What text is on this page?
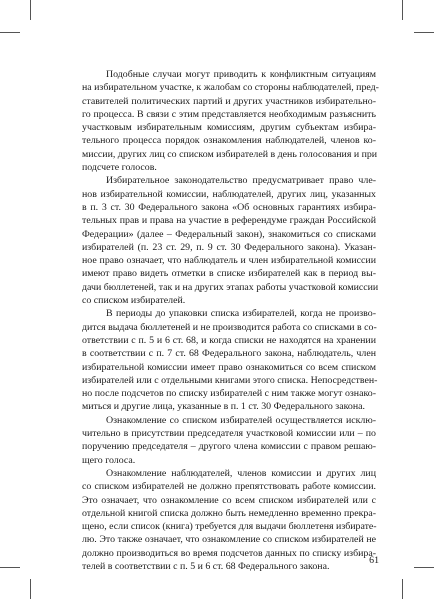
Подобные случаи могут приводить к конфликтным ситуациям
на избирательном участке, к жалобам со стороны наблюдателей, пред-
ставителей политических партий и других участников избирательно-
го процесса. В связи с этим представляется необходимым разъяснить
участковым избирательным комиссиям, другим субъектам избира-
тельного процесса порядок ознакомления наблюдателей, членов ко-
миссии, других лиц со списком избирателей в день голосования и при
подсчете голосов.
Избирательное законодательство предусматривает право чле-
нов избирательной комиссии, наблюдателей, других лиц, указанных
в п. 3 ст. 30 Федерального закона «Об основных гарантиях избира-
тельных прав и права на участие в референдуме граждан Российской
Федерации» (далее – Федеральный закон), знакомиться со списками
избирателей (п. 23 ст. 29, п. 9 ст. 30 Федерального закона). Указан-
ное право означает, что наблюдатель и член избирательной комиссии
имеют право видеть отметки в списке избирателей как в период вы-
дачи бюллетеней, так и на других этапах работы участковой комиссии
со списком избирателей.
В периоды до упаковки списка избирателей, когда не произво-
дится выдача бюллетеней и не производится работа со списками в со-
ответствии с п. 5 и 6 ст. 68, и когда списки не находятся на хранении
в соответствии с п. 7 ст. 68 Федерального закона, наблюдатель, член
избирательной комиссии имеет право ознакомиться со всем списком
избирателей или с отдельными книгами этого списка. Непосредствен-
но после подсчетов по списку избирателей с ним также могут ознако-
миться и другие лица, указанные в п. 1 ст. 30 Федерального закона.
Ознакомление со списком избирателей осуществляется исклю-
чительно в присутствии председателя участковой комиссии или – по
поручению председателя – другого члена комиссии с правом решаю-
щего голоса.
Ознакомление наблюдателей, членов комиссии и других лиц
со списком избирателей не должно препятствовать работе комиссии.
Это означает, что ознакомление со всем списком избирателей или с
отдельной книгой списка должно быть немедленно временно прекра-
щено, если список (книга) требуется для выдачи бюллетеня избирате-
лю. Это также означает, что ознакомление со списком избирателей не
должно производиться во время подсчетов данных по списку избира-
телей в соответствии с п. 5 и 6 ст. 68 Федерального закона.
61
